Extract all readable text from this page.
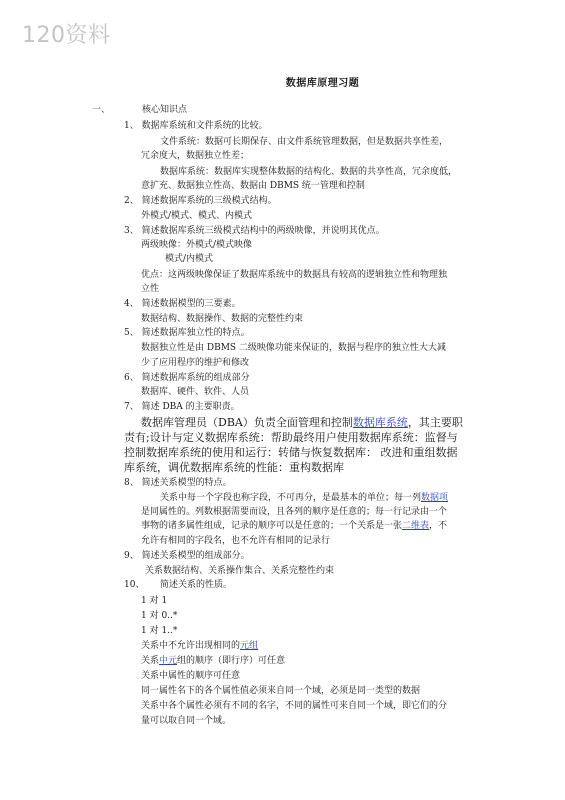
120资料
数据库原理习题
一、	核心知识点
1、 数据库系统和文件系统的比较。
文件系统：数据可长期保存、由文件系统管理数据，但是数据共享性差，
冗余度大，数据独立性差；
数据库系统：数据库实现整体数据的结构化、数据的共享性高，冗余度低，
意扩充、数据独立性高、数据由 DBMS 统一管理和控制
2、 简述数据库系统的三级模式结构。
外模式/模式、模式、内模式
3、 简述数据库系统三级模式结构中的两级映像，并说明其优点。
两级映像：外模式/模式映像
模式/内模式
优点：这两级映像保证了数据库系统中的数据具有较高的逻辑独立性和物理独
立性
4、 简述数据模型的三要素。
数据结构、数据操作、数据的完整性约束
5、 简述数据库独立性的特点。
数据独立性是由 DBMS 二级映像功能来保证的，数据与程序的独立性大大减
少了应用程序的维护和修改
6、 简述数据库系统的组成部分
数据库、硬件、软件、人员
7、 简述 DBA 的主要职责。
数据库管理员（DBA）负责全面管理和控制数据库系统，其主要职
责有;设计与定义数据库系统：帮助最终用户使用数据库系统：监督与
控制数据库系统的使用和运行：转储与恢复数据库： 改进和重组数据
库系统，调优数据库系统的性能：重构数据库
8、 简述关系模型的特点。
关系中每一个字段也称字段，不可再分，是最基本的单位；每一列数据项
是同属性的。列数根据需要而设，且各列的顺序是任意的；每一行记录由一个
事物的诸多属性组成，记录的顺序可以是任意的；一个关系是一张二维表，不
允许有相同的字段名，也不允许有相同的记录行
9、 简述关系模型的组成部分。
关系数据结构、关系操作集合、关系完整性约束
10、 简述关系的性质。
1 对 1
1 对 0..*
1 对 1..*
关系中不允许出现相同的元组
关系中元组的顺序（即行序）可任意
关系中属性的顺序可任意
同一属性名下的各个属性值必须来自同一个域，必须是同一类型的数据
关系中各个属性必须有不同的名字，不同的属性可来自同一个域，即它们的分
量可以取自同一个域。
